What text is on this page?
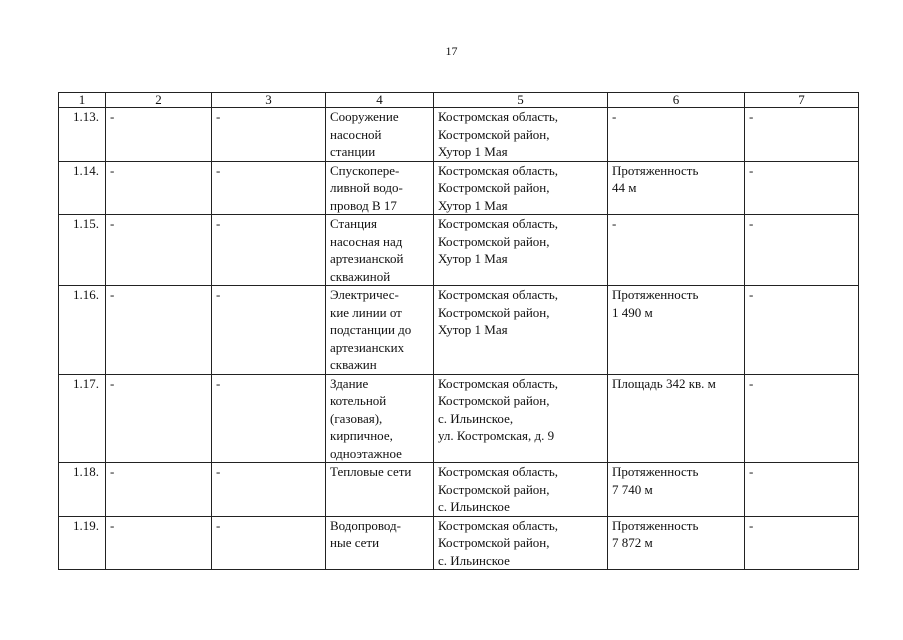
17
1	2	3	4	5	6	7
1.13.	-	-	Сооружение
насосной
станции	Костромская область,
Костромской район,
Хутор 1 Мая	-	-
1.14.	-	-	Спускопере-
ливной водо-
провод В 17	Костромская область,
Костромской район,
Хутор 1 Мая	Протяженность
44 м	-
1.15.	-	-	Станция
насосная над
артезианской
скважиной	Костромская область,
Костромской район,
Хутор 1 Мая	-	-
1.16.	-	-	Электричес-
кие линии от
подстанции до
артезианских
скважин	Костромская область,
Костромской район,
Хутор 1 Мая	Протяженность
1 490 м	-
1.17.	-	-	Здание
котельной
(газовая),
кирпичное,
одноэтажное	Костромская область,
Костромской район,
с. Ильинское,
ул. Костромская, д. 9	Площадь 342 кв. м	-
1.18.	-	-	Тепловые сети	Костромская область,
Костромской район,
с. Ильинское	Протяженность
7 740 м	-
1.19.	-	-	Водопровод-
ные сети	Костромская область,
Костромской район,
с. Ильинское	Протяженность
7 872 м	-
